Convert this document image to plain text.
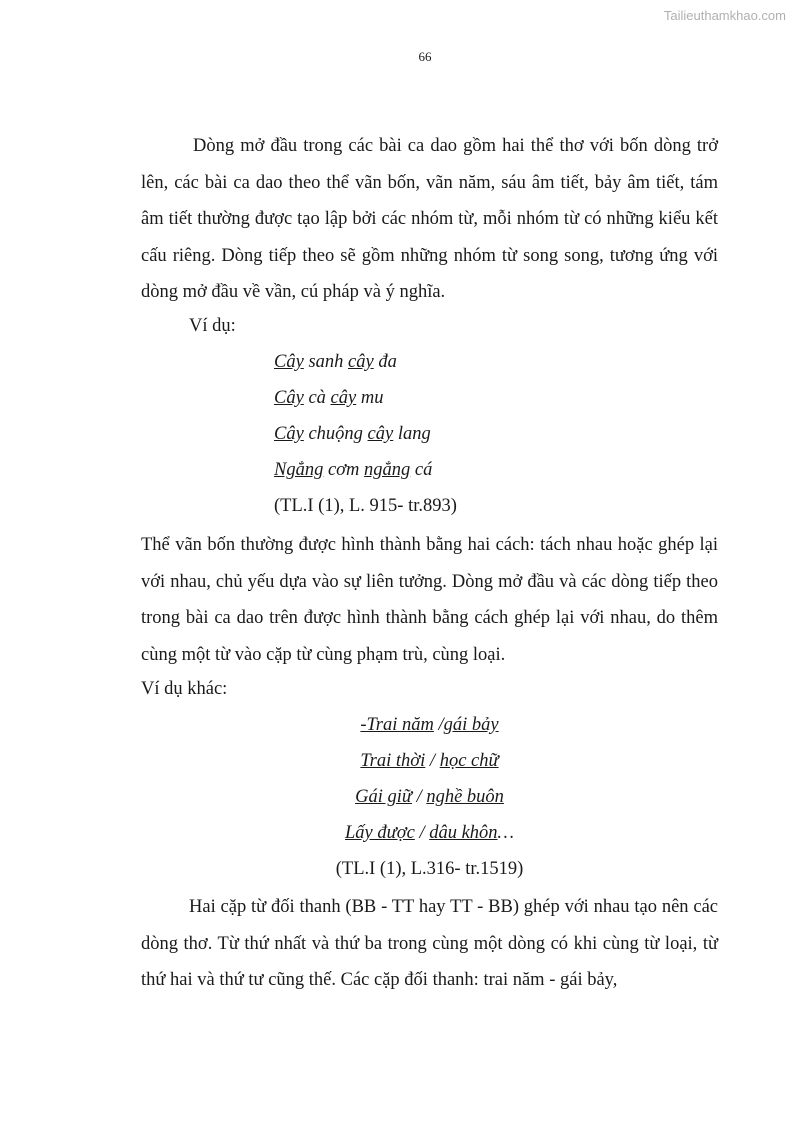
Tailieuthamkhao.com
66

Dòng mở đầu trong các bài ca dao gồm hai thể thơ với bốn dòng trở lên, các bài ca dao theo thể vãn bốn, vãn năm, sáu âm tiết, bảy âm tiết, tám âm tiết thường được tạo lập bởi các nhóm từ, mỗi nhóm từ có những kiểu kết cấu riêng. Dòng tiếp theo sẽ gồm những nhóm từ song song, tương ứng với dòng mở đầu về vần, cú pháp và ý nghĩa.

Ví dụ:
Cây sanh cây đa
Cây cà cây mu
Cây chuộng cây lang
Ngẳng cơm ngẳng cá
(TL.I (1), L. 915- tr.893)

Thể vãn bốn thường được hình thành bằng hai cách: tách nhau hoặc ghép lại với nhau, chủ yếu dựa vào sự liên tưởng. Dòng mở đầu và các dòng tiếp theo trong bài ca dao trên được hình thành bằng cách ghép lại với nhau, do thêm cùng một từ vào cặp từ cùng phạm trù, cùng loại.

Ví dụ khác:
-Trai năm /gái bảy
Trai thời / học chữ
Gái giữ / nghề buôn
Lấy được / dâu khôn…
(TL.I (1), L.316- tr.1519)

Hai cặp từ đối thanh (BB - TT hay TT - BB) ghép với nhau tạo nên các dòng thơ. Từ thứ nhất và thứ ba trong cùng một dòng có khi cùng từ loại, từ thứ hai và thứ tư cũng thế. Các cặp đối thanh: trai năm - gái bảy,
